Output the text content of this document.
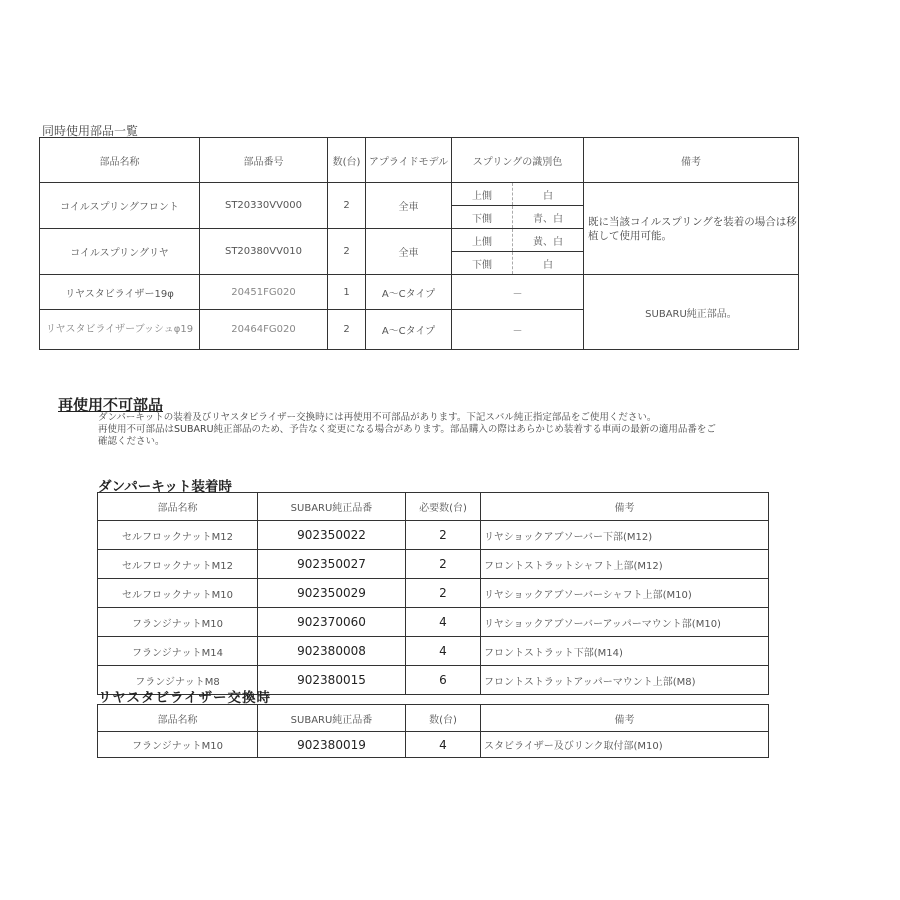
同時使用部品一覧
部品名称	部品番号	数(台)	アプライドモデル	スプリングの識別色		備考
コイルスプリングフロント	ST20330VV000	2	全車	上側	白	既に当該コイルスプリングを装着の場合は移植して使用可能。
				下側	青、白	
コイルスプリングリヤ	ST20380VV010	2	全車	上側	黄、白	
				下側	白	
リヤスタビライザー19φ	20451FG020	1	A～Cタイプ	－		SUBARU純正部品。
リヤスタビライザーブッシュφ19	20464FG020	2	A～Cタイプ	－		
再使用不可部品
ダンパーキットの装着及びリヤスタビライザー交換時には再使用不可部品があります。下記スバル純正指定部品をご使用ください。
再使用不可部品はSUBARU純正部品のため、予告なく変更になる場合があります。部品購入の際はあらかじめ装着する車両の最新の適用品番をご
確認ください。
ダンパーキット装着時
部品名称	SUBARU純正品番	必要数(台)	備考
セルフロックナットM12	902350022	2	リヤショックアブソーバー下部(M12)
セルフロックナットM12	902350027	2	フロントストラットシャフト上部(M12)
セルフロックナットM10	902350029	2	リヤショックアブソーバーシャフト上部(M10)
フランジナットM10	902370060	4	リヤショックアブソーバーアッパーマウント部(M10)
フランジナットM14	902380008	4	フロントストラット下部(M14)
フランジナットM8	902380015	6	フロントストラットアッパーマウント上部(M8)
リヤスタビライザー交換時
部品名称	SUBARU純正品番	数(台)	備考
フランジナットM10	902380019	4	スタビライザー及びリンク取付部(M10)
